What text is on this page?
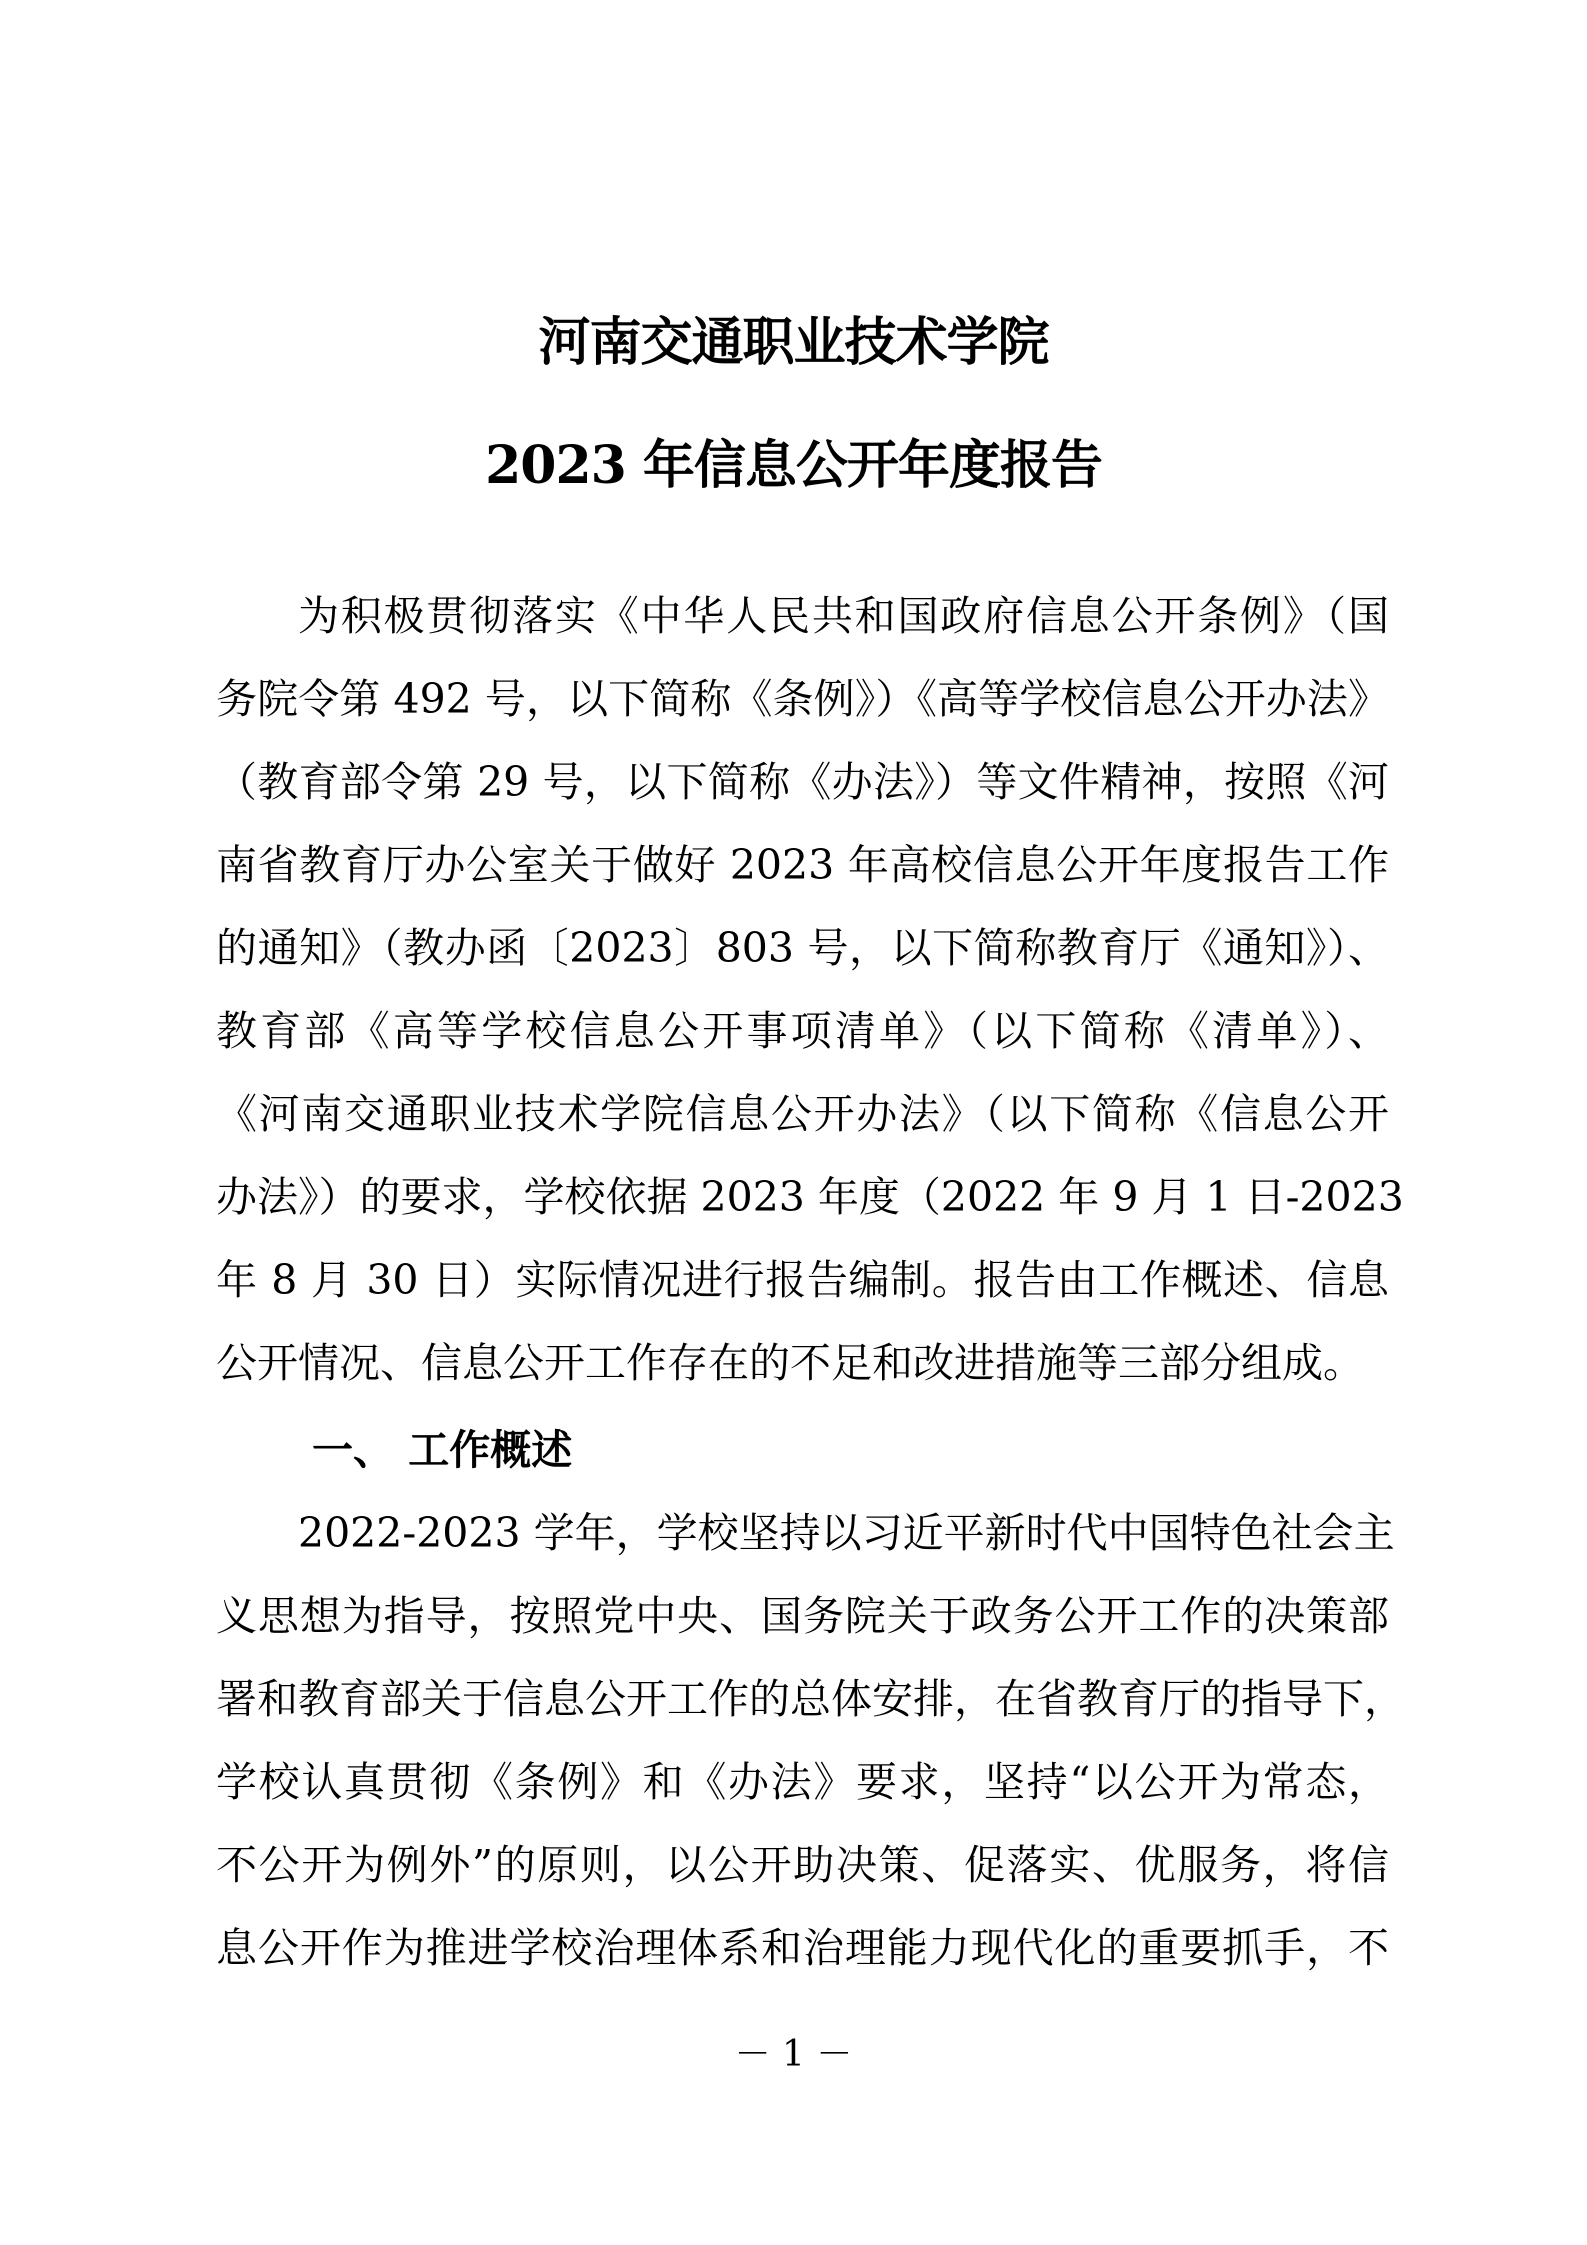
河南交通职业技术学院
2023 年信息公开年度报告
为积极贯彻落实《中华人民共和国政府信息公开条例》（国
务院令第 492 号，以下简称《条例》）《高等学校信息公开办法》
（教育部令第 29 号，以下简称《办法》）等文件精神，按照《河
南省教育厅办公室关于做好 2023 年高校信息公开年度报告工作
的通知》（教办函〔2023〕803 号，以下简称教育厅《通知》）、
教育部《高等学校信息公开事项清单》（以下简称《清单》）、
《河南交通职业技术学院信息公开办法》（以下简称《信息公开
办法》）的要求，学校依据 2023 年度（2022 年 9 月 1 日-2023
年 8 月 30 日）实际情况进行报告编制。报告由工作概述、信息
公开情况、信息公开工作存在的不足和改进措施等三部分组成。
一、 工作概述
2022-2023 学年，学校坚持以习近平新时代中国特色社会主
义思想为指导，按照党中央、国务院关于政务公开工作的决策部
署和教育部关于信息公开工作的总体安排，在省教育厅的指导下，
学校认真贯彻《条例》和《办法》要求，坚持“以公开为常态，
不公开为例外”的原则，以公开助决策、促落实、优服务，将信
息公开作为推进学校治理体系和治理能力现代化的重要抓手，不
－ 1 －
